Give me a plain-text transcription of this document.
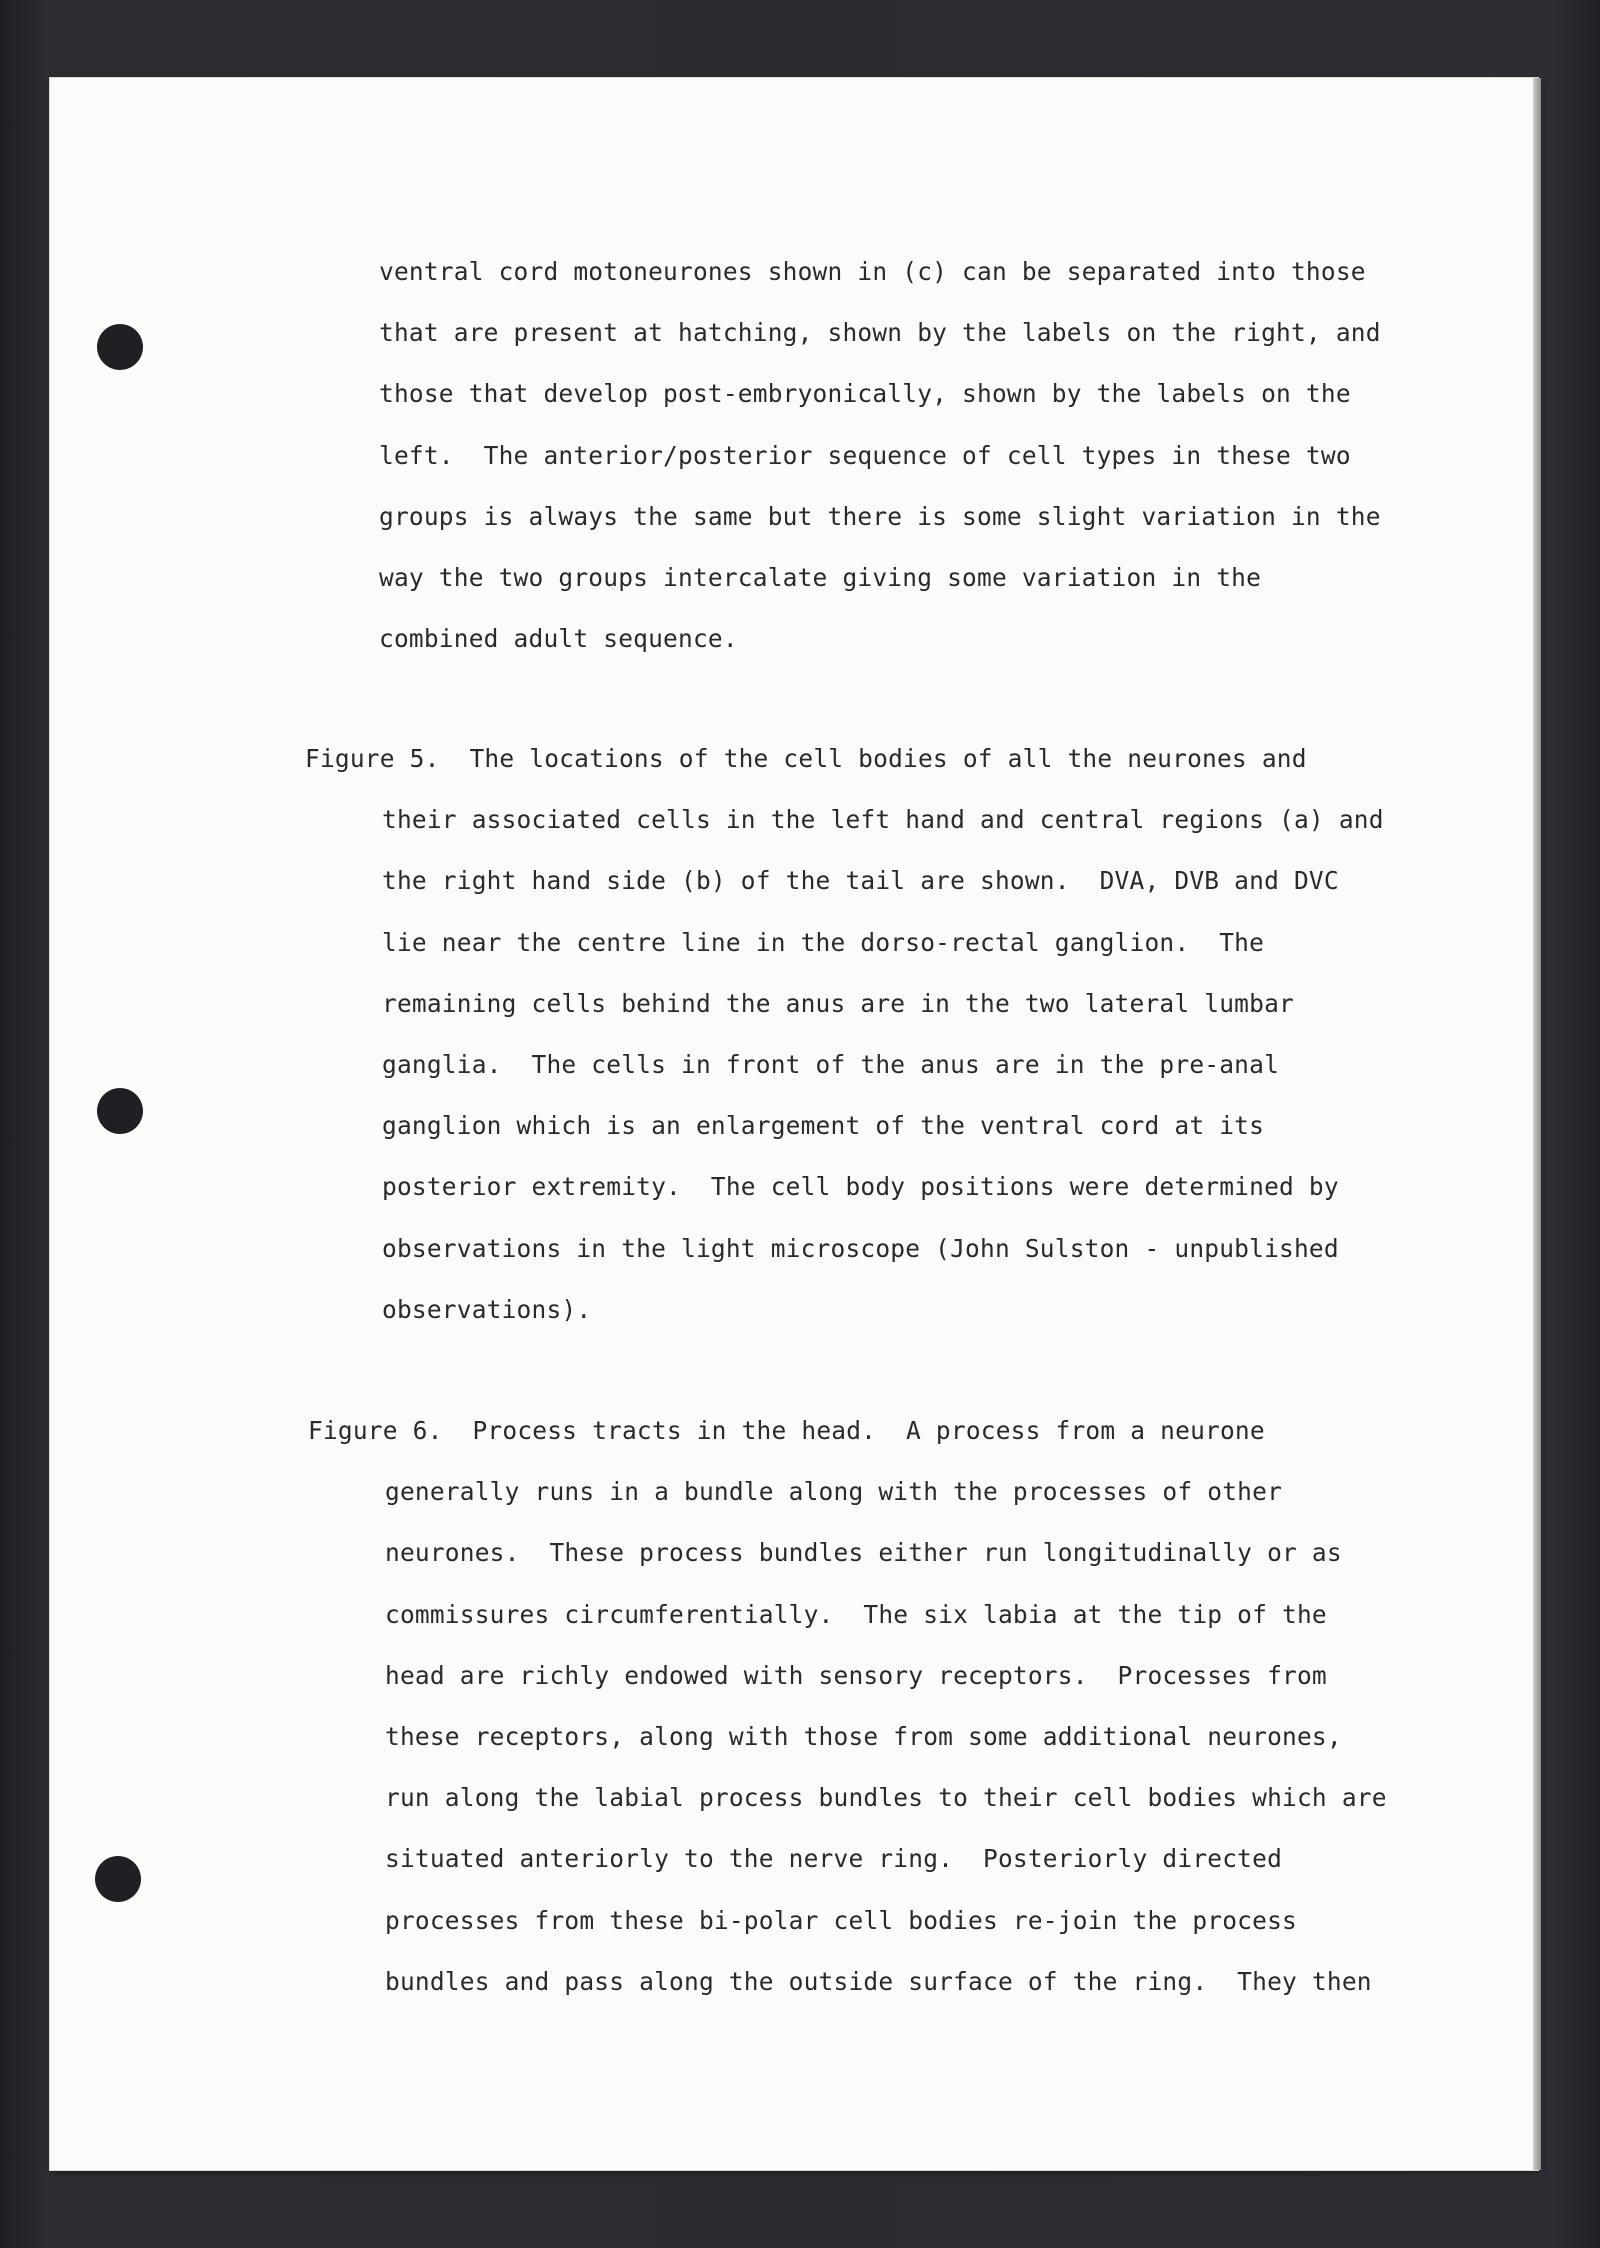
ventral cord motoneurones shown in (c) can be separated into those
that are present at hatching, shown by the labels on the right, and
those that develop post-embryonically, shown by the labels on the
left.  The anterior/posterior sequence of cell types in these two
groups is always the same but there is some slight variation in the
way the two groups intercalate giving some variation in the
combined adult sequence.
Figure 5. The locations of the cell bodies of all the neurones and
their associated cells in the left hand and central regions (a) and
the right hand side (b) of the tail are shown.  DVA, DVB and DVC
lie near the centre line in the dorso-rectal ganglion.  The
remaining cells behind the anus are in the two lateral lumbar
ganglia.  The cells in front of the anus are in the pre-anal
ganglion which is an enlargement of the ventral cord at its
posterior extremity.  The cell body positions were determined by
observations in the light microscope (John Sulston - unpublished
observations).
Figure 6. Process tracts in the head.  A process from a neurone
generally runs in a bundle along with the processes of other
neurones.  These process bundles either run longitudinally or as
commissures circumferentially.  The six labia at the tip of the
head are richly endowed with sensory receptors.  Processes from
these receptors, along with those from some additional neurones,
run along the labial process bundles to their cell bodies which are
situated anteriorly to the nerve ring.  Posteriorly directed
processes from these bi-polar cell bodies re-join the process
bundles and pass along the outside surface of the ring.  They then
